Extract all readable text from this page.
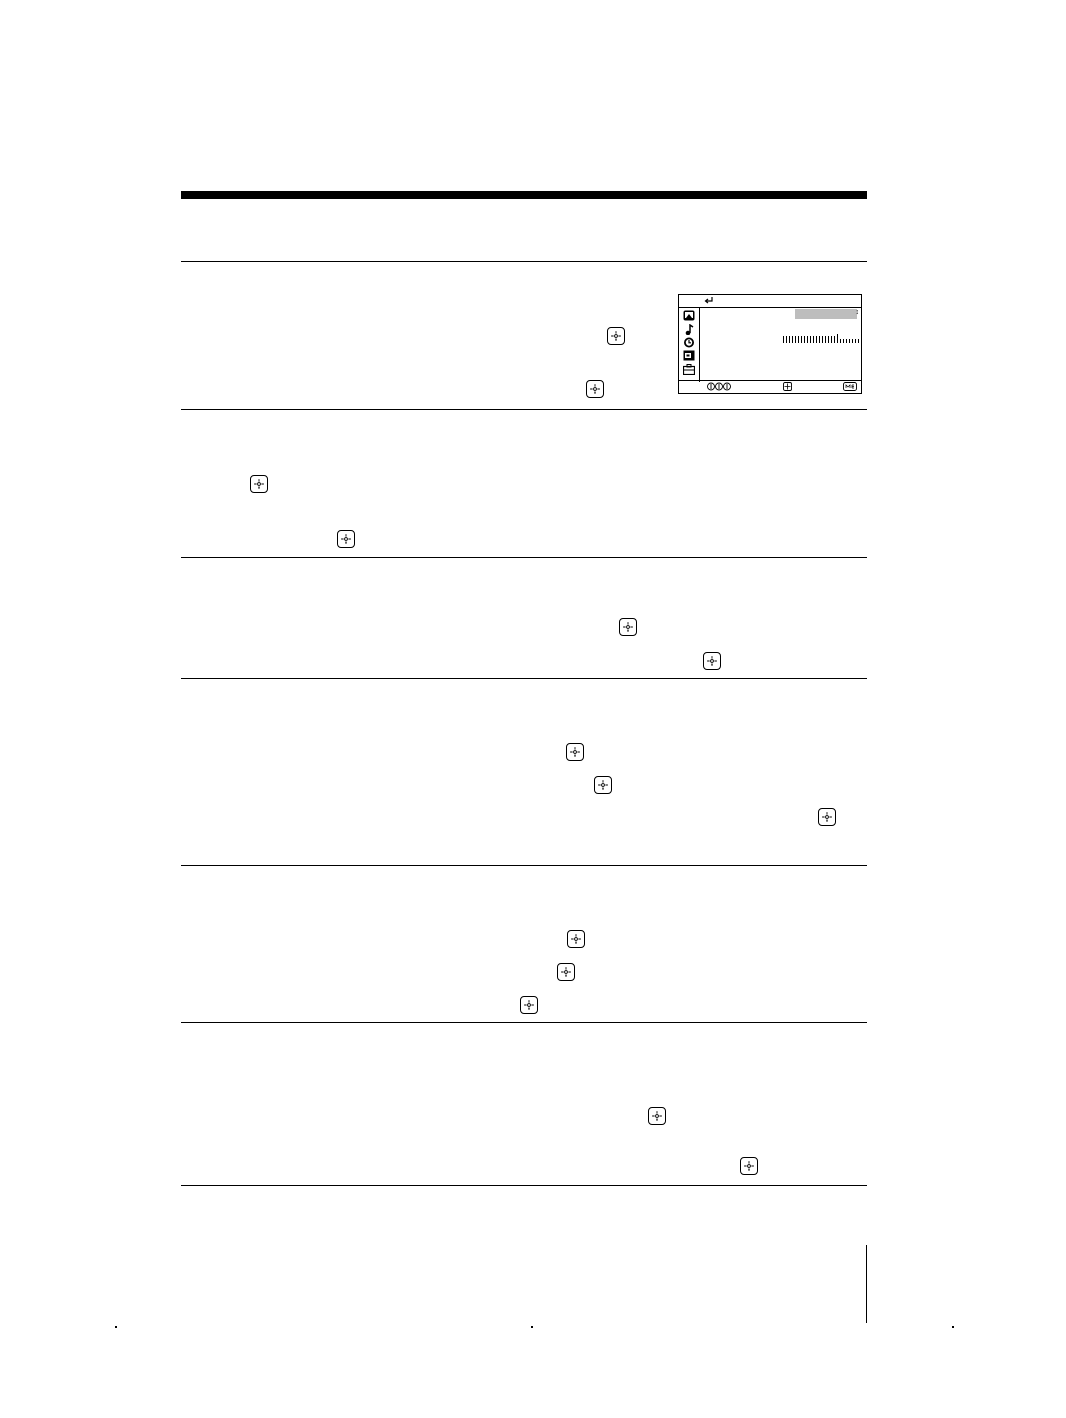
↕
